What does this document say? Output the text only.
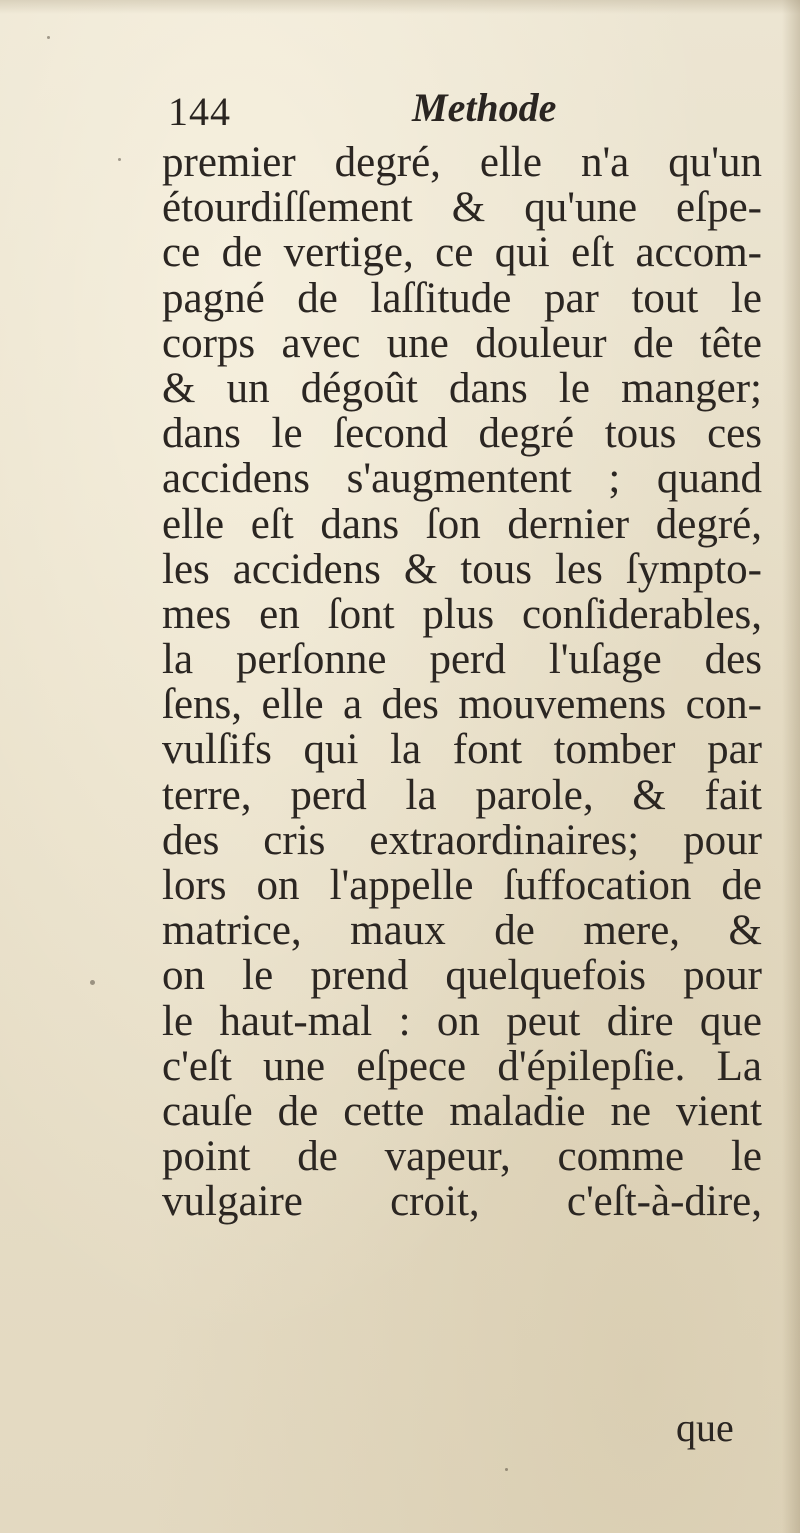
144	Methode
premier degré, elle n'a qu'un
étourdiſſement & qu'une eſpe-
ce de vertige, ce qui eſt accom-
pagné de laſſitude par tout le
corps avec une douleur de tête
& un dégoût dans le manger;
dans le ſecond degré tous ces
accidens s'augmentent ; quand
elle eſt dans ſon dernier degré,
les accidens & tous les ſympto-
mes en ſont plus conſiderables,
la perſonne perd l'uſage des
ſens, elle a des mouvemens con-
vulſifs qui la font tomber par
terre, perd la parole, & fait
des cris extraordinaires; pour
lors on l'appelle ſuffocation de
matrice, maux de mere, &
on le prend quelquefois pour
le haut-mal : on peut dire que
c'eſt une eſpece d'épilepſie. La
cauſe de cette maladie ne vient
point de vapeur, comme le
vulgaire croit, c'eſt-à-dire,
que
